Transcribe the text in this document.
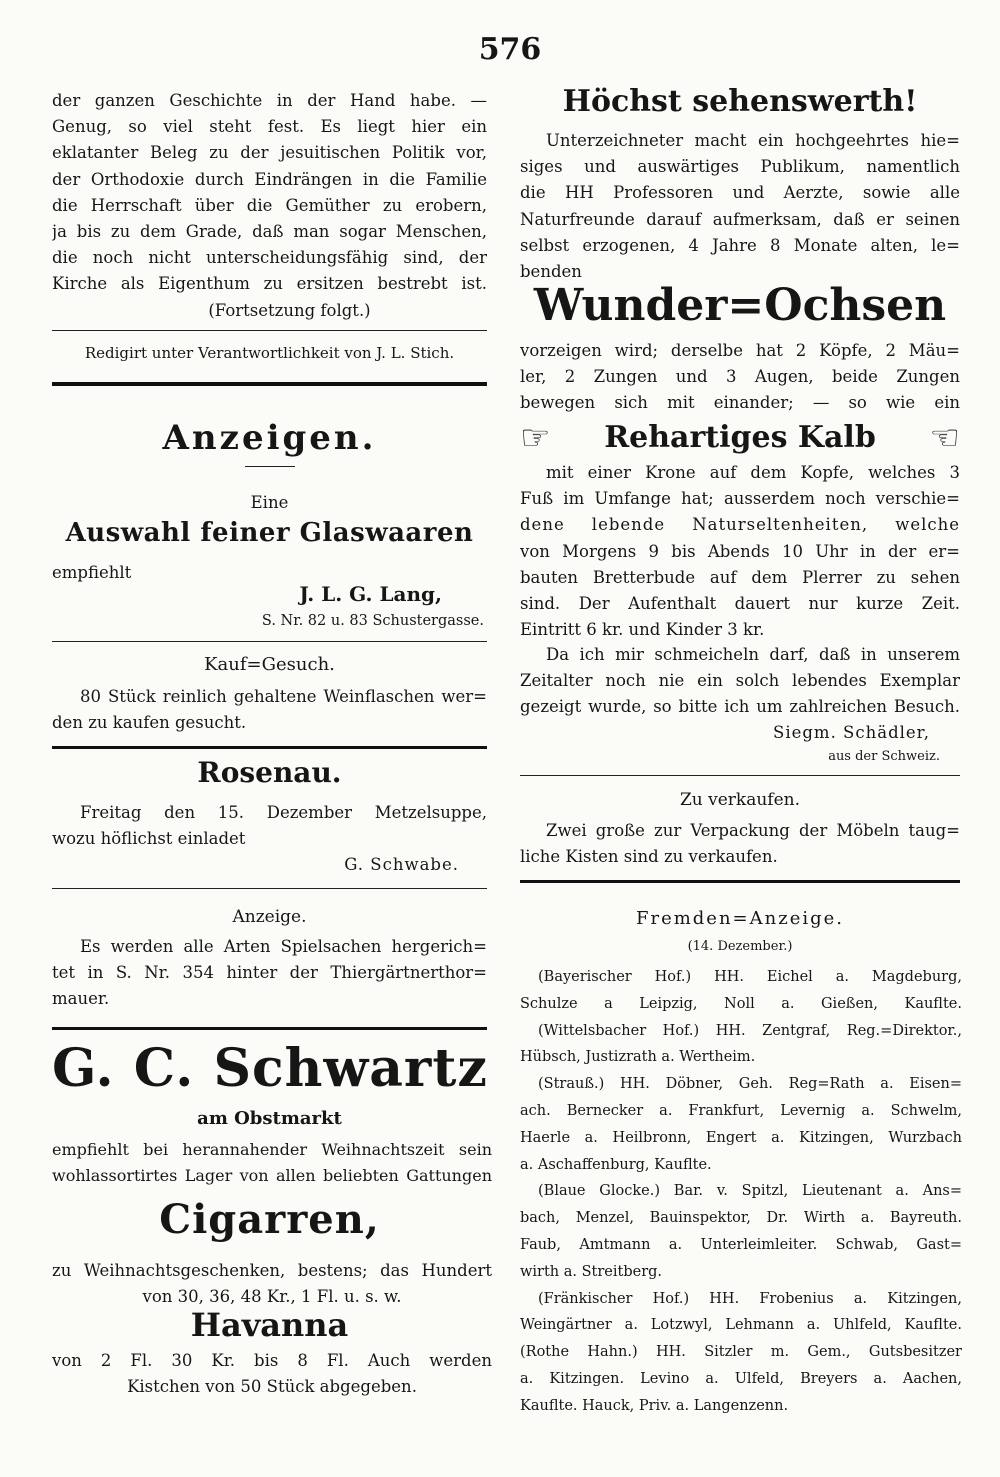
576
der ganzen Geschichte in der Hand habe. —
Genug, so viel steht fest. Es liegt hier ein
eklatanter Beleg zu der jesuitischen Politik vor,
der Orthodoxie durch Eindrängen in die Familie
die Herrschaft über die Gemüther zu erobern,
ja bis zu dem Grade, daß man sogar Menschen,
die noch nicht unterscheidungsfähig sind, der
Kirche als Eigenthum zu ersitzen bestrebt ist.
(Fortsetzung folgt.)
Redigirt unter Verantwortlichkeit von J. L. Stich.
Anzeigen.
Eine
Auswahl feiner Glaswaaren
empfiehlt
J. L. G. Lang,
S. Nr. 82 u. 83 Schustergasse.
Kauf=Gesuch.
80 Stück reinlich gehaltene Weinflaschen wer=
den zu kaufen gesucht.
Rosenau.
Freitag den 15. Dezember Metzelsuppe,
wozu höflichst einladet
G. Schwabe.
Anzeige.
Es werden alle Arten Spielsachen hergerich=
tet in S. Nr. 354 hinter der Thiergärtnerthor=
mauer.
G. C. Schwartz
am Obstmarkt
empfiehlt bei herannahender Weihnachtszeit sein
wohlassortirtes Lager von allen beliebten Gattungen
Cigarren,
zu Weihnachtsgeschenken, bestens; das Hundert
von 30, 36, 48 Kr., 1 Fl. u. s. w.
Havanna
von 2 Fl. 30 Kr. bis 8 Fl. Auch werden
Kistchen von 50 Stück abgegeben.
Höchst sehenswerth!
Unterzeichneter macht ein hochgeehrtes hie=
siges und auswärtiges Publikum, namentlich
die HH Professoren und Aerzte, sowie alle
Naturfreunde darauf aufmerksam, daß er seinen
selbst erzogenen, 4 Jahre 8 Monate alten, le=
benden
Wunder=Ochsen
vorzeigen wird; derselbe hat 2 Köpfe, 2 Mäu=
ler, 2 Zungen und 3 Augen, beide Zungen
bewegen sich mit einander; — so wie ein
☞	Rehartiges Kalb	☜
mit einer Krone auf dem Kopfe, welches 3
Fuß im Umfange hat; ausserdem noch verschie=
dene lebende Naturseltenheiten, welche
von Morgens 9 bis Abends 10 Uhr in der er=
bauten Bretterbude auf dem Plerrer zu sehen
sind. Der Aufenthalt dauert nur kurze Zeit.
Eintritt 6 kr. und Kinder 3 kr.
Da ich mir schmeicheln darf, daß in unserem
Zeitalter noch nie ein solch lebendes Exemplar
gezeigt wurde, so bitte ich um zahlreichen Besuch.
Siegm. Schädler,
aus der Schweiz.
Zu verkaufen.
Zwei große zur Verpackung der Möbeln taug=
liche Kisten sind zu verkaufen.
Fremden=Anzeige.
(14. Dezember.)
(Bayerischer Hof.) HH. Eichel a. Magdeburg,
Schulze a Leipzig, Noll a. Gießen, Kauflte.
(Wittelsbacher Hof.) HH. Zentgraf, Reg.=Direktor.,
Hübsch, Justizrath a. Wertheim.
(Strauß.) HH. Döbner, Geh. Reg=Rath a. Eisen=
ach. Bernecker a. Frankfurt, Levernig a. Schwelm,
Haerle a. Heilbronn, Engert a. Kitzingen, Wurzbach
a. Aschaffenburg, Kaufltе.
(Blaue Glocke.) Bar. v. Spitzl, Lieutenant a. Ans=
bach, Menzel, Bauinspektor, Dr. Wirth a. Bayreuth.
Faub, Amtmann a. Unterleimleiter. Schwab, Gast=
wirth a. Streitberg.
(Fränkischer Hof.) HH. Frobenius a. Kitzingen,
Weingärtner a. Lotzwyl, Lehmann a. Uhlfeld, Kauflte.
(Rothe Hahn.) HH. Sitzler m. Gem., Gutsbesitzer
a. Kitzingen. Levino a. Ulfeld, Breyers a. Aachen,
Kauflte. Hauck, Priv. a. Langenzenn.
